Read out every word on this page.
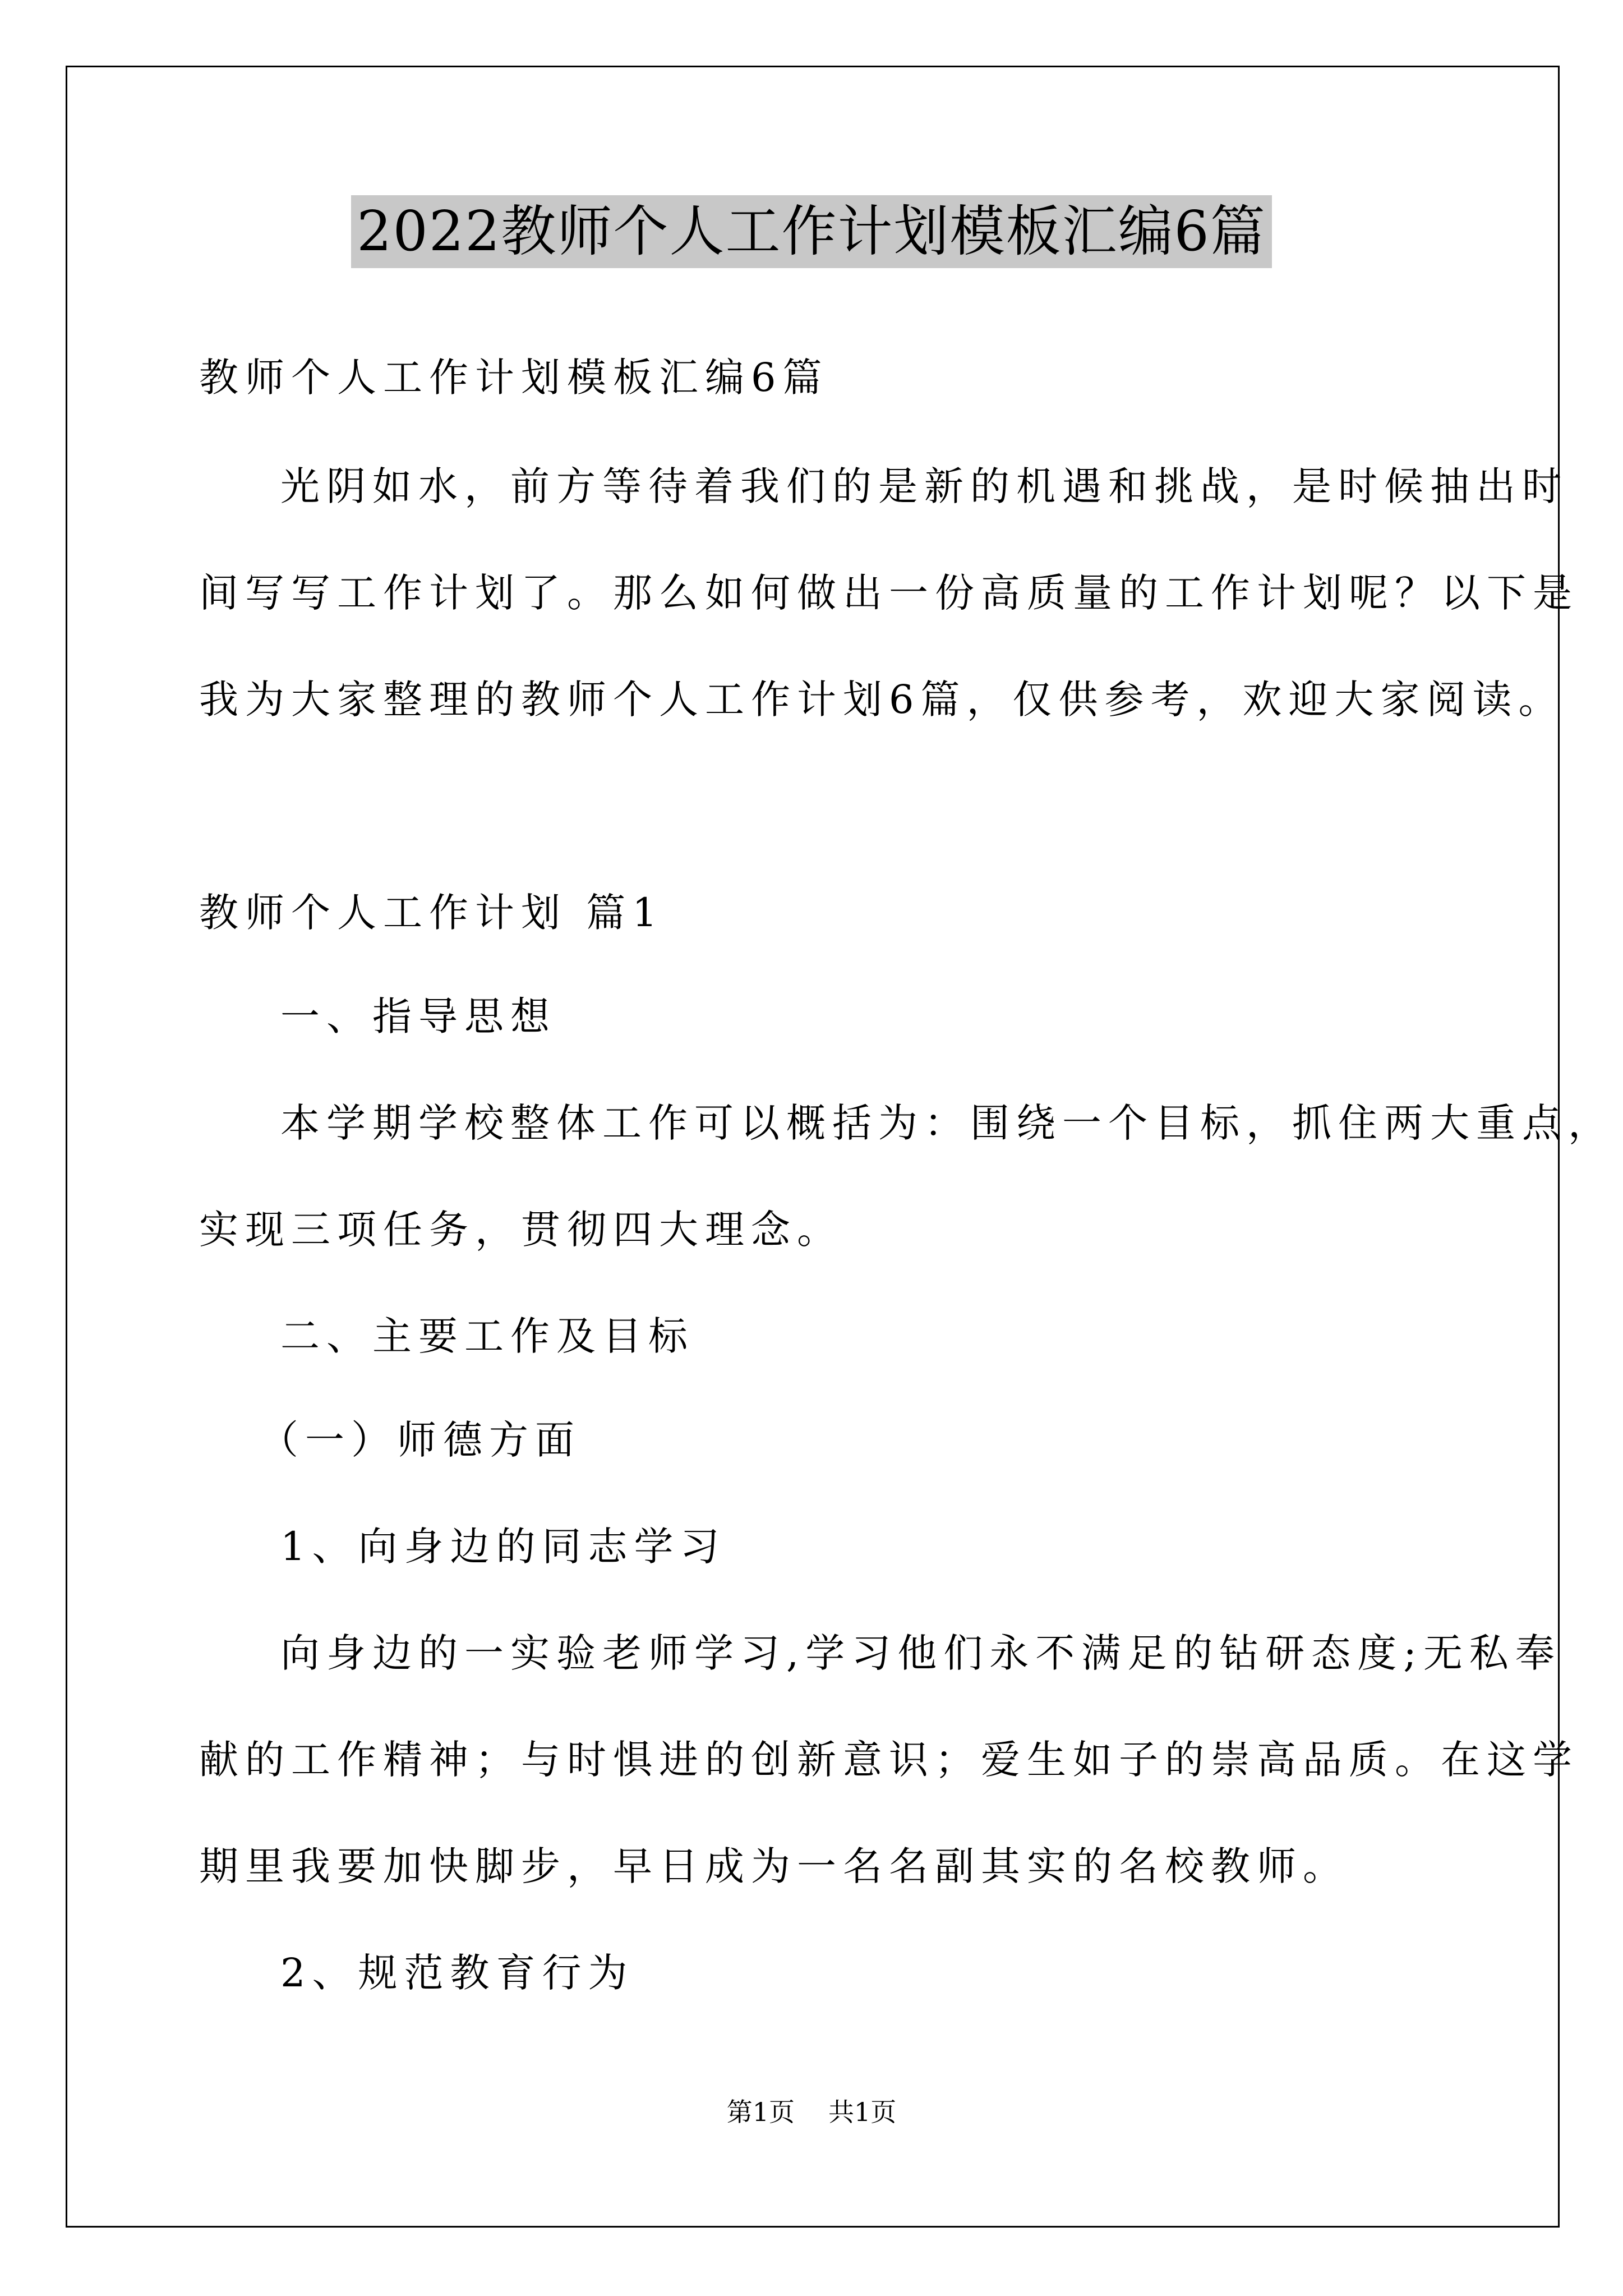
2022教师个人工作计划模板汇编6篇
教师个人工作计划模板汇编6篇
光阴如水，前方等待着我们的是新的机遇和挑战，是时候抽出时
间写写工作计划了。那么如何做出一份高质量的工作计划呢？以下是
我为大家整理的教师个人工作计划6篇，仅供参考，欢迎大家阅读。
教师个人工作计划 篇1
一、指导思想
本学期学校整体工作可以概括为：围绕一个目标，抓住两大重点，
实现三项任务，贯彻四大理念。
二、主要工作及目标
（一）师德方面
1、向身边的同志学习
向身边的一实验老师学习,学习他们永不满足的钻研态度;无私奉
献的工作精神；与时惧进的创新意识；爱生如子的崇高品质。在这学
期里我要加快脚步，早日成为一名名副其实的名校教师。
2、规范教育行为
第1页 共1页
